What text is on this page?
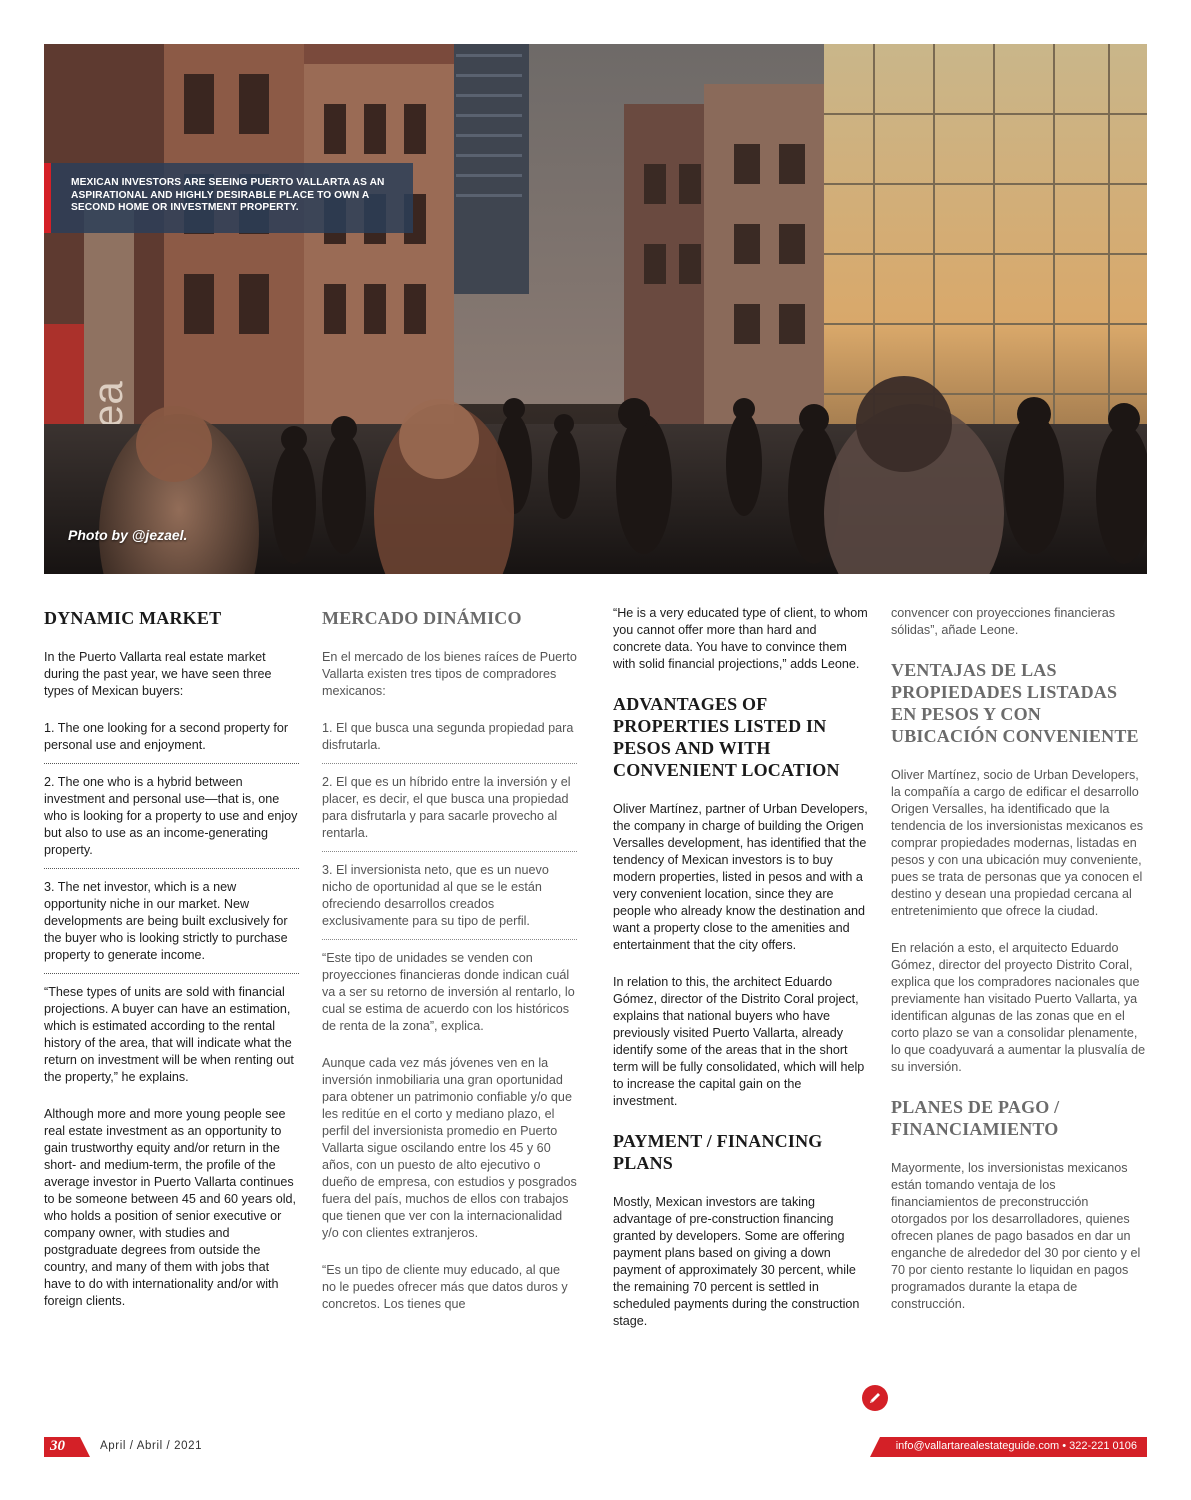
MEXICAN INVESTORS ARE SEEING PUERTO VALLARTA AS AN ASPIRATIONAL AND HIGHLY DESIRABLE PLACE TO OWN A SECOND HOME OR INVESTMENT PROPERTY.
Photo by @jezael.
DYNAMIC MARKET

In the Puerto Vallarta real estate market during the past year, we have seen three types of Mexican buyers:

1. The one looking for a second property for personal use and enjoyment.

2. The one who is a hybrid between investment and personal use—that is, one who is looking for a property to use and enjoy but also to use as an income-generating property.

3. The net investor, which is a new opportunity niche in our market. New developments are being built exclusively for the buyer who is looking strictly to purchase property to generate income.

“These types of units are sold with financial projections. A buyer can have an estimation, which is estimated according to the rental history of the area, that will indicate what the return on investment will be when renting out the property,” he explains.

Although more and more young people see real estate investment as an opportunity to gain trustworthy equity and/or return in the short- and medium-term, the profile of the average investor in Puerto Vallarta continues to be someone between 45 and 60 years old, who holds a position of senior executive or company owner, with studies and postgraduate degrees from outside the country, and many of them with jobs that have to do with internationality and/or with foreign clients.

MERCADO DINÁMICO

En el mercado de los bienes raíces de Puerto Vallarta existen tres tipos de compradores mexicanos:

1. El que busca una segunda propiedad para disfrutarla.

2. El que es un híbrido entre la inversión y el placer, es decir, el que busca una propiedad para disfrutarla y para sacarle provecho al rentarla.

3. El inversionista neto, que es un nuevo nicho de oportunidad al que se le están ofreciendo desarrollos creados exclusivamente para su tipo de perfil.

“Este tipo de unidades se venden con proyecciones financieras donde indican cuál va a ser su retorno de inversión al rentarlo, lo cual se estima de acuerdo con los históricos de renta de la zona”, explica.

Aunque cada vez más jóvenes ven en la inversión inmobiliaria una gran oportunidad para obtener un patrimonio confiable y/o que les reditúe en el corto y mediano plazo, el perfil del inversionista promedio en Puerto Vallarta sigue oscilando entre los 45 y 60 años, con un puesto de alto ejecutivo o dueño de empresa, con estudios y posgrados fuera del país, muchos de ellos con trabajos que tienen que ver con la internacionalidad y/o con clientes extranjeros.

“Es un tipo de cliente muy educado, al que no le puedes ofrecer más que datos duros y concretos. Los tienes que

“He is a very educated type of client, to whom you cannot offer more than hard and concrete data. You have to convince them with solid financial projections,” adds Leone.

ADVANTAGES OF PROPERTIES LISTED IN PESOS AND WITH CONVENIENT LOCATION

Oliver Martínez, partner of Urban Developers, the company in charge of building the Origen Versalles development, has identified that the tendency of Mexican investors is to buy modern properties, listed in pesos and with a very convenient location, since they are people who already know the destination and want a property close to the amenities and entertainment that the city offers.

In relation to this, the architect Eduardo Gómez, director of the Distrito Coral project, explains that national buyers who have previously visited Puerto Vallarta, already identify some of the areas that in the short term will be fully consolidated, which will help to increase the capital gain on the investment.

PAYMENT / FINANCING PLANS

Mostly, Mexican investors are taking advantage of pre-construction financing granted by developers. Some are offering payment plans based on giving a down payment of approximately 30 percent, while the remaining 70 percent is settled in scheduled payments during the construction stage.

convencer con proyecciones financieras sólidas”, añade Leone.

VENTAJAS DE LAS PROPIEDADES LISTADAS EN PESOS Y CON UBICACIÓN CONVENIENTE

Oliver Martínez, socio de Urban Developers, la compañía a cargo de edificar el desarrollo Origen Versalles, ha identificado que la tendencia de los inversionistas mexicanos es comprar propiedades modernas, listadas en pesos y con una ubicación muy conveniente, pues se trata de personas que ya conocen el destino y desean una propiedad cercana al entretenimiento que ofrece la ciudad.

En relación a esto, el arquitecto Eduardo Gómez, director del proyecto Distrito Coral, explica que los compradores nacionales que previamente han visitado Puerto Vallarta, ya identifican algunas de las zonas que en el corto plazo se van a consolidar plenamente, lo que coadyuvará a aumentar la plusvalía de su inversión.

PLANES DE PAGO / FINANCIAMIENTO

Mayormente, los inversionistas mexicanos están tomando ventaja de los financiamientos de preconstrucción otorgados por los desarrolladores, quienes ofrecen planes de pago basados en dar un enganche de alrededor del 30 por ciento y el 70 por ciento restante lo liquidan en pagos programados durante la etapa de construcción.

30	April / Abril / 2021	info@vallartarealestateguide.com • 322-221 0106
